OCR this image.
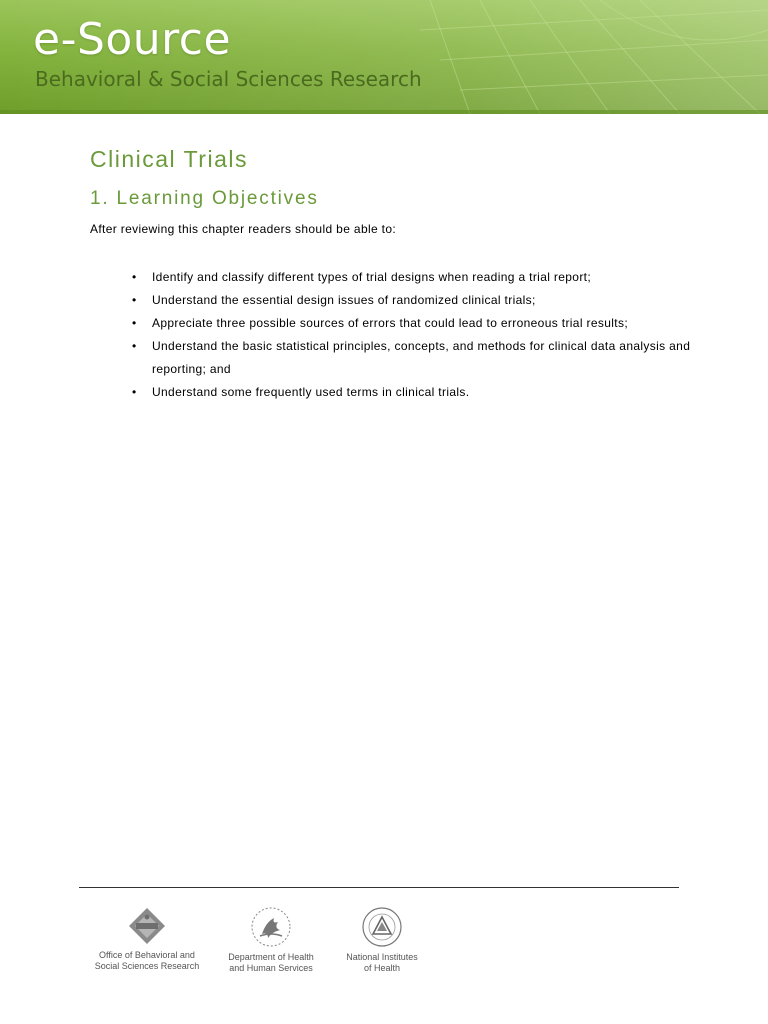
e-Source
Behavioral & Social Sciences Research
Clinical Trials
1. Learning Objectives

After reviewing this chapter readers should be able to:

• Identify and classify different types of trial designs when reading a trial report;
• Understand the essential design issues of randomized clinical trials;
• Appreciate three possible sources of errors that could lead to erroneous trial results;
• Understand the basic statistical principles, concepts, and methods for clinical data analysis and reporting; and
• Understand some frequently used terms in clinical trials.
Office of Behavioral and
Social Sciences Research
Department of Health
and Human Services
National Institutes
of Health
